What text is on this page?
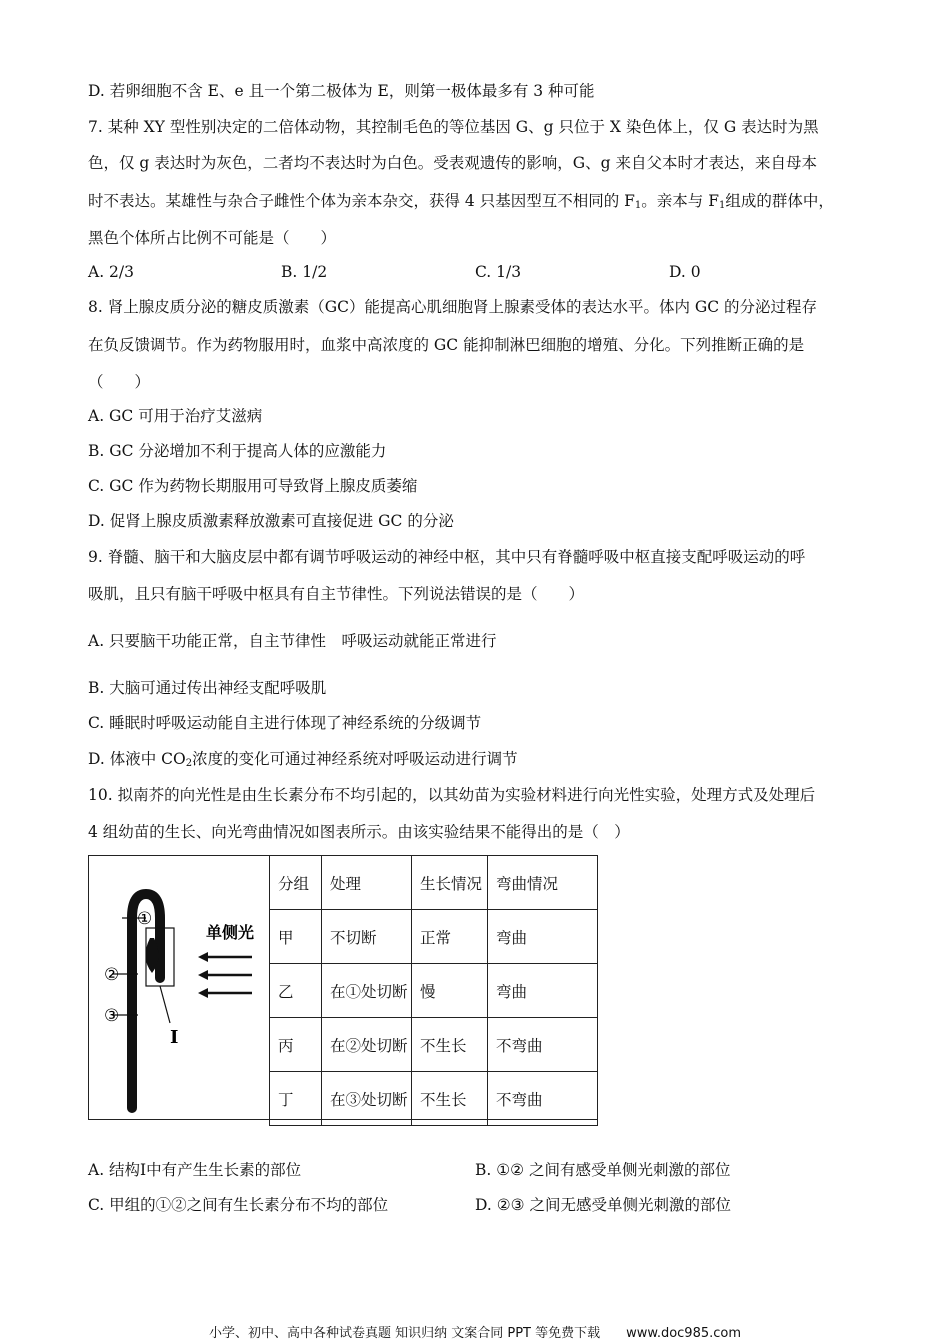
D. 若卵细胞不含 E、e 且一个第二极体为 E，则第一极体最多有 3 种可能
7. 某种 XY 型性别决定的二倍体动物，其控制毛色的等位基因 G、g 只位于 X 染色体上，仅 G 表达时为黑
色，仅 g 表达时为灰色，二者均不表达时为白色。受表观遗传的影响，G、g 来自父本时才表达，来自母本
时不表达。某雄性与杂合子雌性个体为亲本杂交，获得 4 只基因型互不相同的 $F_1$。亲本与 $F_1$组成的群体中，
黑色个体所占比例不可能是（　　）
A. 2/3	B. 1/2	C. 1/3	D. 0
8. 肾上腺皮质分泌的糖皮质激素（GC）能提高心肌细胞肾上腺素受体的表达水平。体内 GC 的分泌过程存
在负反馈调节。作为药物服用时，血浆中高浓度的 GC 能抑制淋巴细胞的增殖、分化。下列推断正确的是
（　　）
A. GC 可用于治疗艾滋病
B. GC 分泌增加不利于提高人体的应激能力
C. GC 作为药物长期服用可导致肾上腺皮质萎缩
D. 促肾上腺皮质激素释放激素可直接促进 GC 的分泌
9. 脊髓、脑干和大脑皮层中都有调节呼吸运动的神经中枢，其中只有脊髓呼吸中枢直接支配呼吸运动的呼
吸肌，且只有脑干呼吸中枢具有自主节律性。下列说法错误的是（　　）
A. 只要脑干功能正常，自主节律性　呼吸运动就能正常进行
B. 大脑可通过传出神经支配呼吸肌
C. 睡眠时呼吸运动能自主进行体现了神经系统的分级调节
D. 体液中 $CO_2$浓度的变化可通过神经系统对呼吸运动进行调节
10. 拟南芥的向光性是由生长素分布不均引起的，以其幼苗为实验材料进行向光性实验，处理方式及处理后
4 组幼苗的生长、向光弯曲情况如图表所示。由该实验结果不能得出的是（　）
单侧光
①
②
③
I
分组	处理	生长情况	弯曲情况
甲	不切断	正常	弯曲
乙	在①处切断	慢	弯曲
丙	在②处切断	不生长	不弯曲
丁	在③处切断	不生长	不弯曲
A. 结构I中有产生生长素的部位	B. ①② 之间有感受单侧光刺激的部位
C. 甲组的①②之间有生长素分布不均的部位	D. ②③ 之间无感受单侧光刺激的部位
小学、初中、高中各种试卷真题 知识归纳 文案合同 PPT 等免费下载　　www.doc985.com
